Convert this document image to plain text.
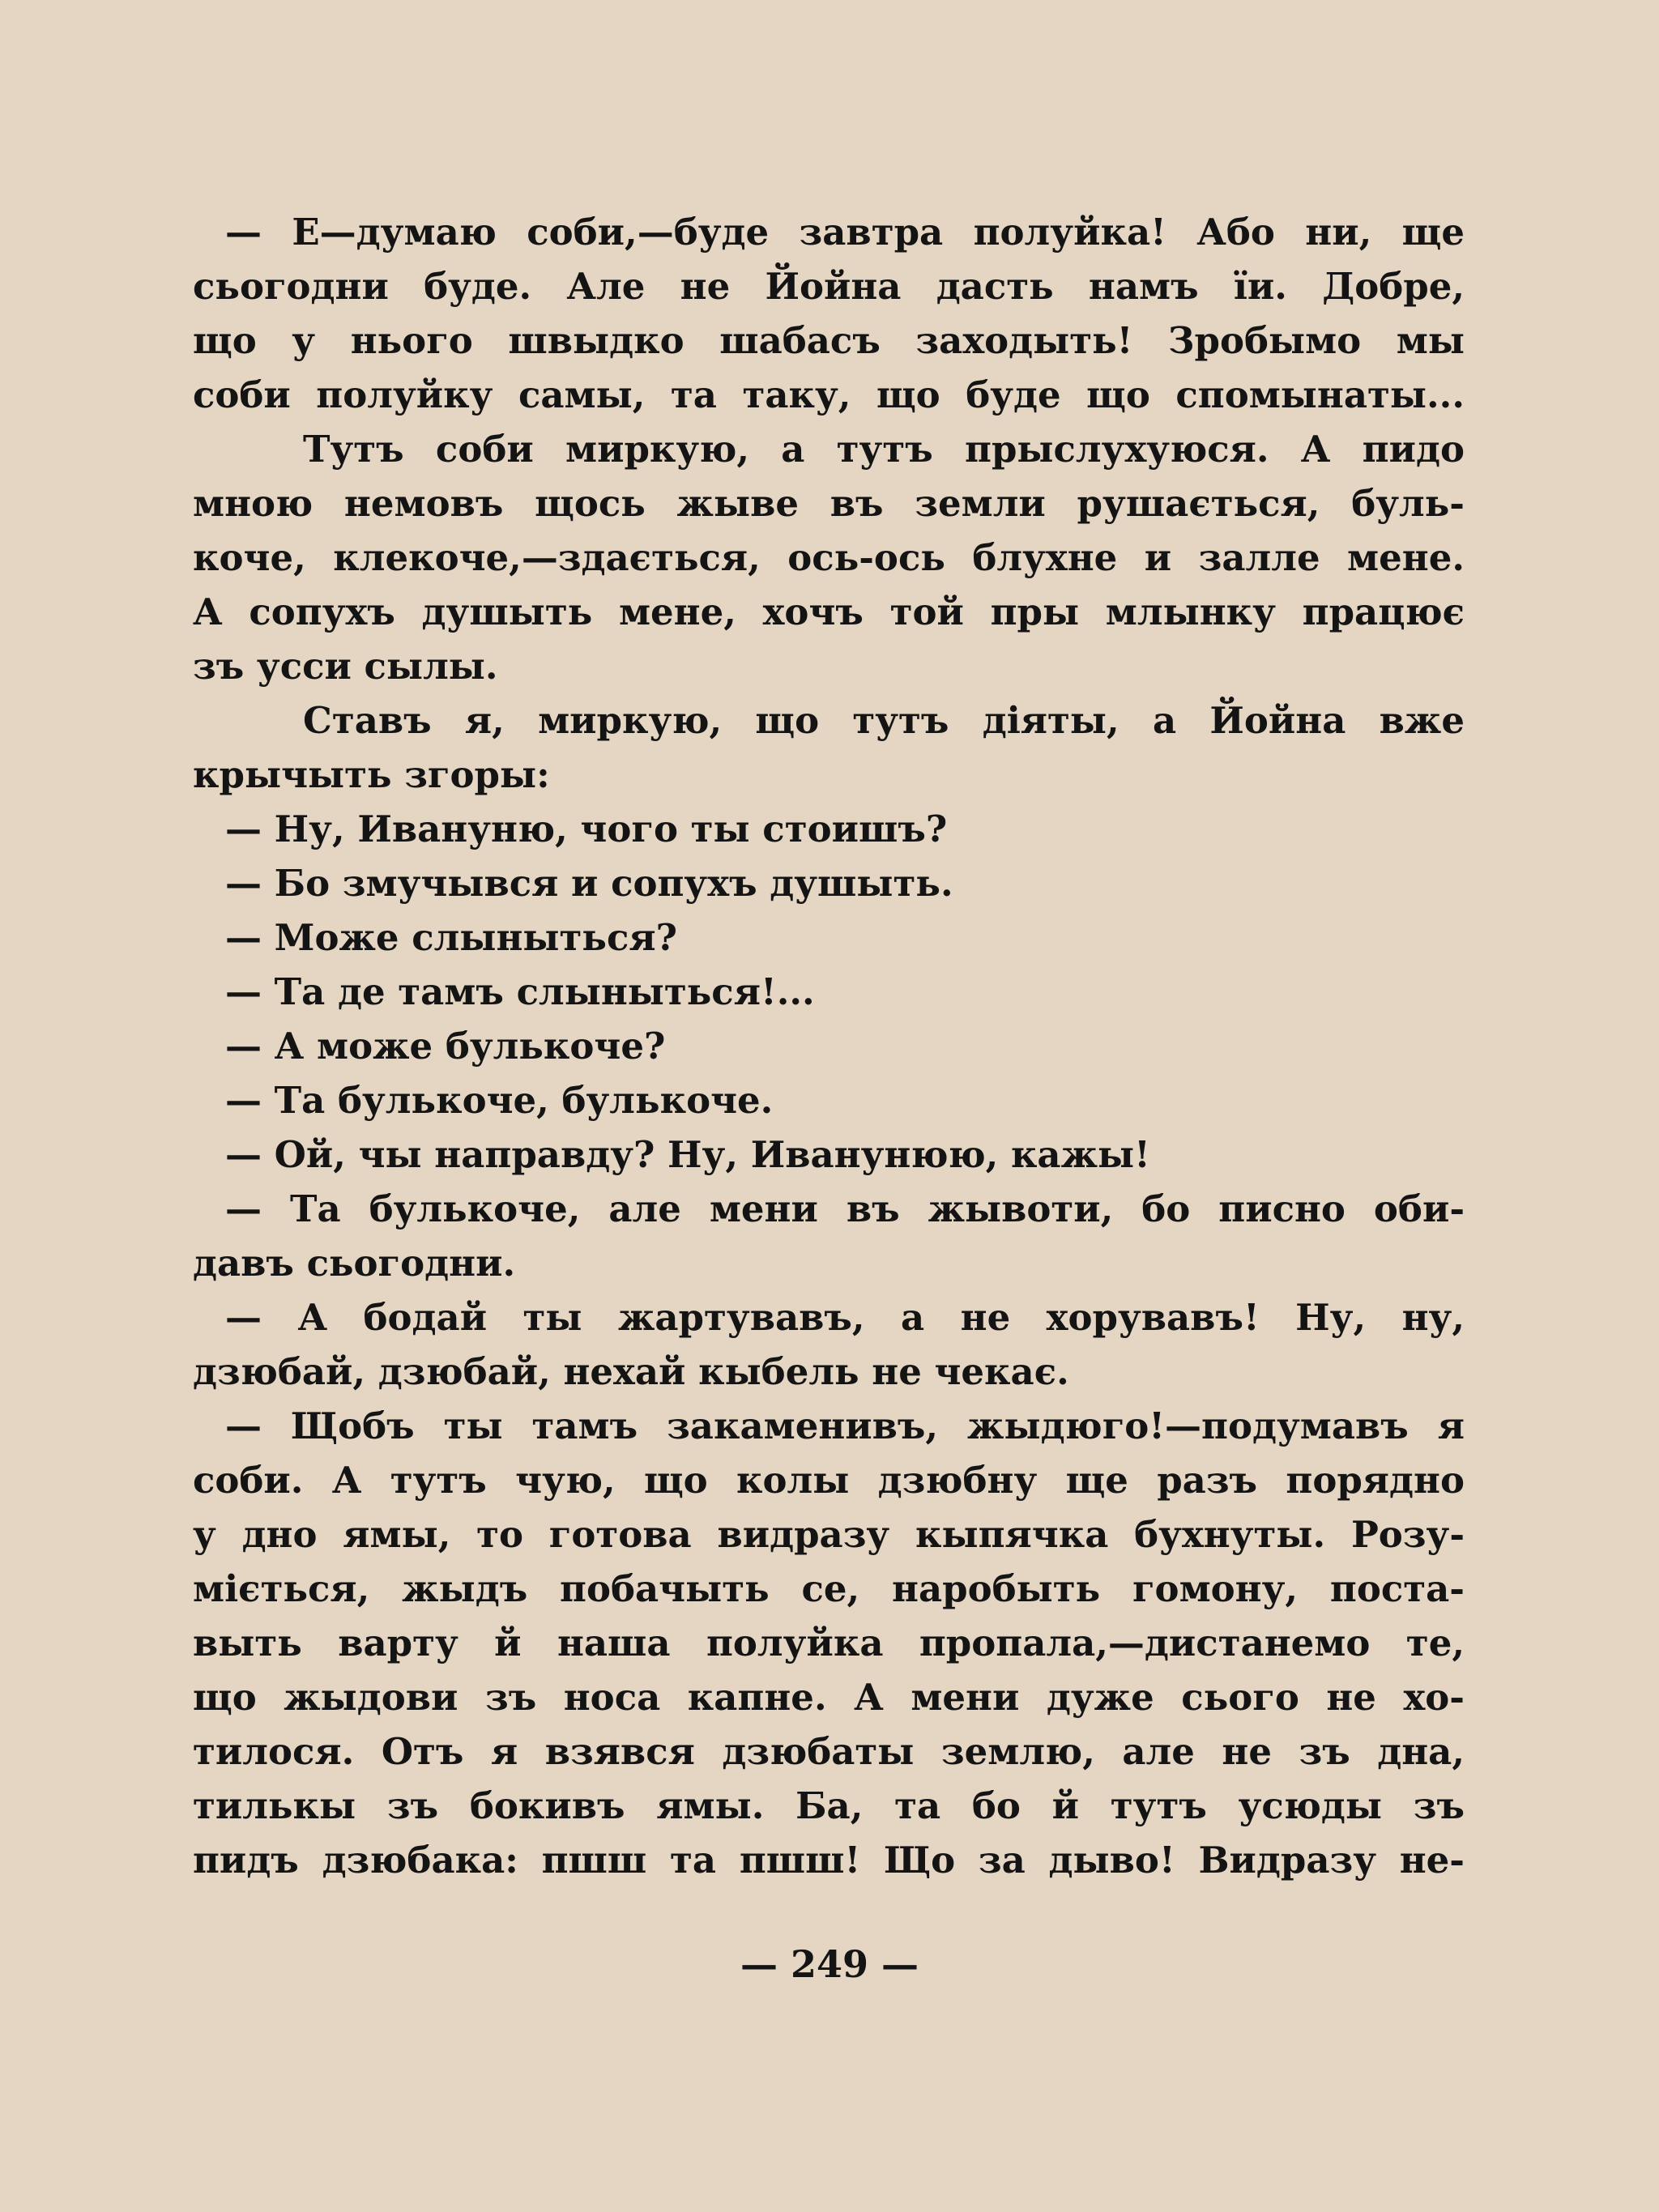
— Е—думаю соби,—буде завтра полуйка! Або ни, ще
сьогодни буде. Але не Йойна дасть намъ їи. Добре,
що у нього швыдко шабасъ заходыть! Зробымо мы
соби полуйку самы, та таку, що буде що спомынаты...
Тутъ соби миркую, а тутъ прыслухуюся. А пидо
мною немовъ щось жыве въ земли рушається, буль-
коче, клекоче,—здається, ось-ось блухне и залле мене.
А сопухъ душыть мене, хочъ той пры млынку працює
зъ усси сылы.
Ставъ я, миркую, що тутъ діяты, а Йойна вже
крычыть згоры:
— Ну, Ивануню, чого ты стоишъ?
— Бо змучывся и сопухъ душыть.
— Може слыныться?
— Та де тамъ слыныться!...
— А може булькоче?
— Та булькоче, булькоче.
— Ой, чы направду? Ну, Иванунюю, кажы!
— Та булькоче, але мени въ жывоти, бо писно оби-
давъ сьогодни.
— А бодай ты жартувавъ, а не хорувавъ! Ну, ну,
дзюбай, дзюбай, нехай кыбель не чекає.
— Щобъ ты тамъ закаменивъ, жыдюго!—подумавъ я
соби. А тутъ чую, що колы дзюбну ще разъ порядно
у дно ямы, то готова видразу кыпячка бухнуты. Розу-
міється, жыдъ побачыть се, наробыть гомону, поста-
выть варту й наша полуйка пропала,—дистанемо те,
що жыдови зъ носа капне. А мени дуже сього не хо-
тилося. Отъ я взявся дзюбаты землю, але не зъ дна,
тилькы зъ бокивъ ямы. Ба, та бо й тутъ усюды зъ
пидъ дзюбака: пшш та пшш! Що за дыво! Видразу не-
— 249 —
